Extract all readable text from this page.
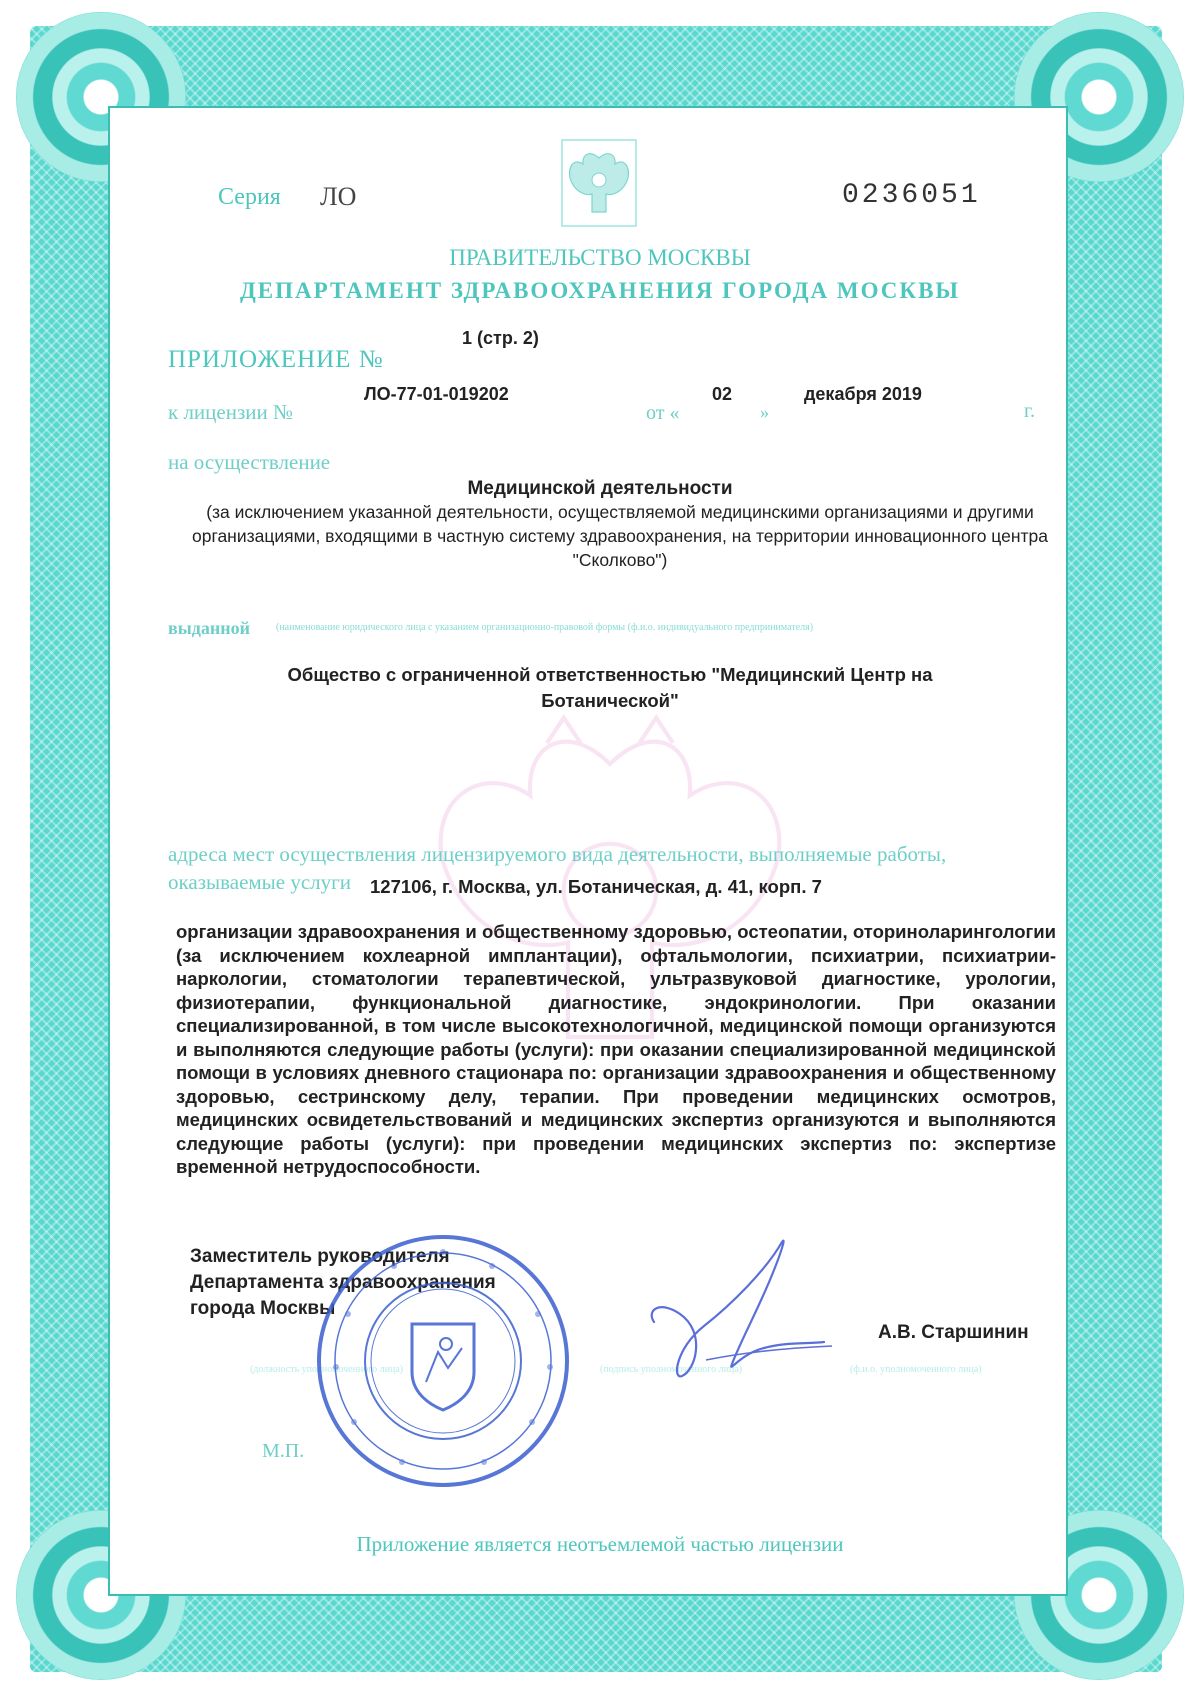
Серия ЛО	0236051
ПРАВИТЕЛЬСТВО МОСКВЫ
ДЕПАРТАМЕНТ ЗДРАВООХРАНЕНИЯ ГОРОДА МОСКВЫ
ПРИЛОЖЕНИЕ №
1 (стр. 2)
к лицензии №
ЛО-77-01-019202
от «
02
»
декабря 2019
г.
на осуществление
Медицинской деятельности
(за исключением указанной деятельности, осуществляемой медицинскими организациями и другими организациями, входящими в частную систему здравоохранения, на территории инновационного центра "Сколково")
выданной	(наименование юридического лица с указанием организационно-правовой формы (ф.и.о. индивидуального предпринимателя)
Общество с ограниченной ответственностью "Медицинский Центр на Ботанической"
адреса мест осуществления лицензируемого вида деятельности, выполняемые работы, оказываемые услуги	127106, г. Москва, ул. Ботаническая, д. 41, корп. 7
организации здравоохранения и общественному здоровью, остеопатии, оториноларингологии (за исключением кохлеарной имплантации), офтальмологии, психиатрии, психиатрии-наркологии, стоматологии терапевтической, ультразвуковой диагностике, урологии, физиотерапии, функциональной диагностике, эндокринологии. При оказании специализированной, в том числе высокотехнологичной, медицинской помощи организуются и выполняются следующие работы (услуги): при оказании специализированной медицинской помощи в условиях дневного стационара по: организации здравоохранения и общественному здоровью, сестринскому делу, терапии. При проведении медицинских осмотров, медицинских освидетельствований и медицинских экспертиз организуются и выполняются следующие работы (услуги): при проведении медицинских экспертиз по: экспертизе временной нетрудоспособности.
Заместитель руководителя Департамента здравоохранения города Москвы
А.В. Старшинин
(должность уполномоченного лица)	(подпись уполномоченного лица)	(ф.и.о. уполномоченного лица)
М.П.
Приложение является неотъемлемой частью лицензии
